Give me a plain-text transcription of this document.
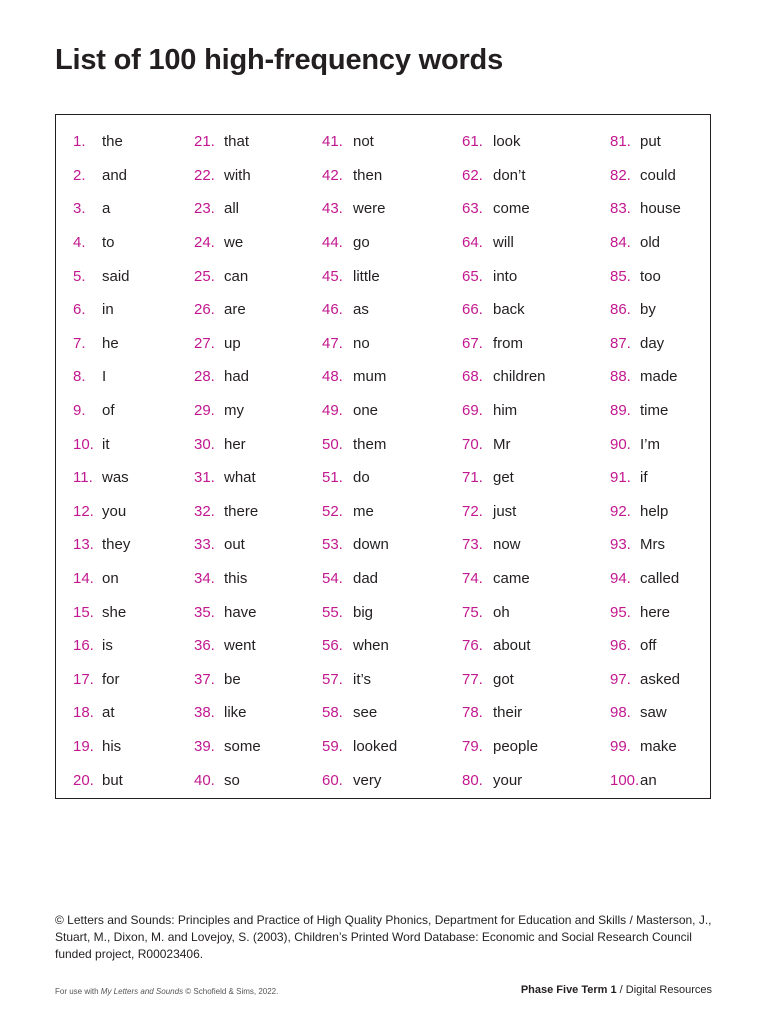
List of 100 high-frequency words
1.	the
2.	and
3.	a
4.	to
5.	said
6.	in
7.	he
8.	I
9.	of
10. it
11. was
12. you
13. they
14. on
15. she
16. is
17. for
18. at
19. his
20. but
21. that
22. with
23. all
24. we
25. can
26. are
27. up
28. had
29. my
30. her
31. what
32. there
33. out
34. this
35. have
36. went
37. be
38. like
39. some
40. so
41. not
42. then
43. were
44. go
45. little
46. as
47. no
48. mum
49. one
50. them
51. do
52. me
53. down
54. dad
55. big
56. when
57. it’s
58. see
59. looked
60. very
61. look
62. don’t
63. come
64. will
65. into
66. back
67. from
68. children
69. him
70. Mr
71. get
72. just
73. now
74. came
75. oh
76. about
77. got
78. their
79. people
80. your
81. put
82. could
83. house
84. old
85. too
86. by
87. day
88. made
89. time
90. I’m
91. if
92. help
93. Mrs
94. called
95. here
96. off
97. asked
98. saw
99. make
100. an

© Letters and Sounds: Principles and Practice of High Quality Phonics, Department for Education and Skills / Masterson, J., Stuart, M., Dixon, M. and Lovejoy, S. (2003), Children’s Printed Word Database: Economic and Social Research Council funded project, R00023406.

For use with My Letters and Sounds © Schofield & Sims, 2022.	Phase Five Term 1 / Digital Resources
